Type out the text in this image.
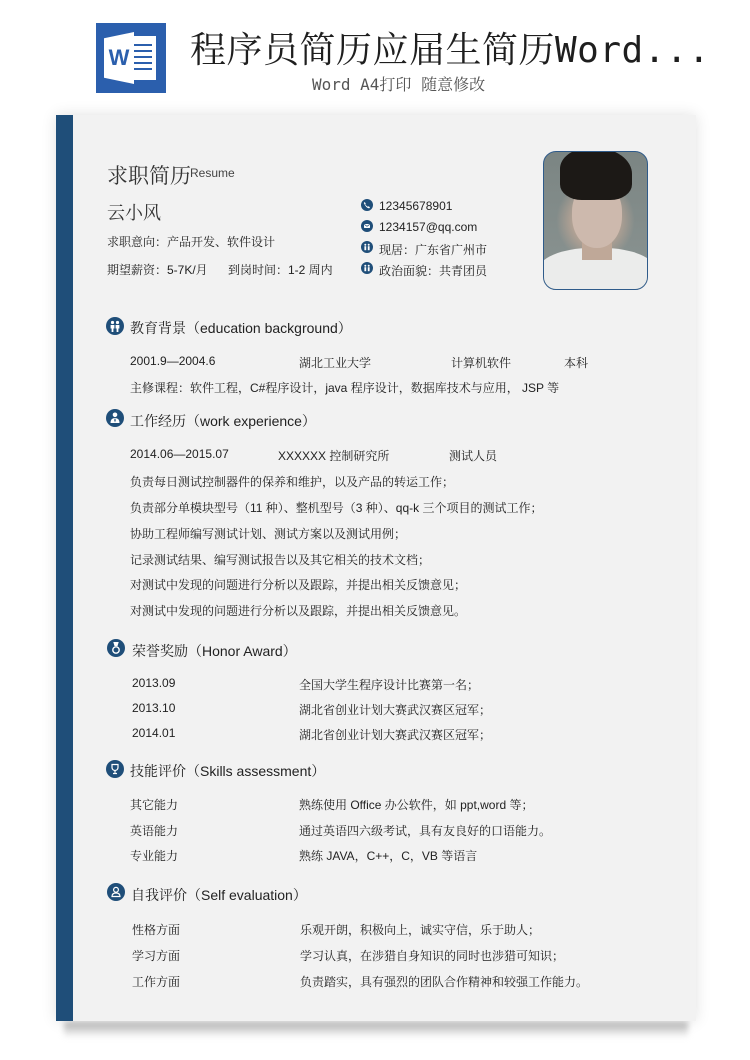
W 程序员简历应届生简历Word...
Word A4打印 随意修改
求职简历 Resume
云小风
求职意向：产品开发、软件设计
期望薪资：5-7K/月 到岗时间：1-2 周内
12345678901
1234157@qq.com
现居：广东省广州市
政治面貌：共青团员
教育背景（education background）
2001.9—2004.6	湖北工业大学	计算机软件	本科
主修课程：软件工程，C#程序设计，java 程序设计，数据库技术与应用， JSP 等
工作经历（work experience）
2014.06—2015.07	XXXXXX 控制研究所	测试人员
负责每日测试控制器件的保养和维护，以及产品的转运工作；
负责部分单模块型号（11 种）、整机型号（3 种）、qq-k 三个项目的测试工作；
协助工程师编写测试计划、测试方案以及测试用例；
记录测试结果、编写测试报告以及其它相关的技术文档；
对测试中发现的问题进行分析以及跟踪，并提出相关反馈意见；
对测试中发现的问题进行分析以及跟踪，并提出相关反馈意见。
荣誉奖励（Honor Award）
2013.09	全国大学生程序设计比赛第一名；
2013.10	湖北省创业计划大赛武汉赛区冠军；
2014.01	湖北省创业计划大赛武汉赛区冠军；
技能评价（Skills assessment）
其它能力	熟练使用 Office 办公软件，如 ppt,word 等；
英语能力	通过英语四六级考试，具有友良好的口语能力。
专业能力	熟练 JAVA，C++，C，VB 等语言
自我评价（Self evaluation）
性格方面	乐观开朗，积极向上，诚实守信，乐于助人；
学习方面	学习认真，在涉猎自身知识的同时也涉猎可知识；
工作方面	负责踏实，具有强烈的团队合作精神和较强工作能力。
